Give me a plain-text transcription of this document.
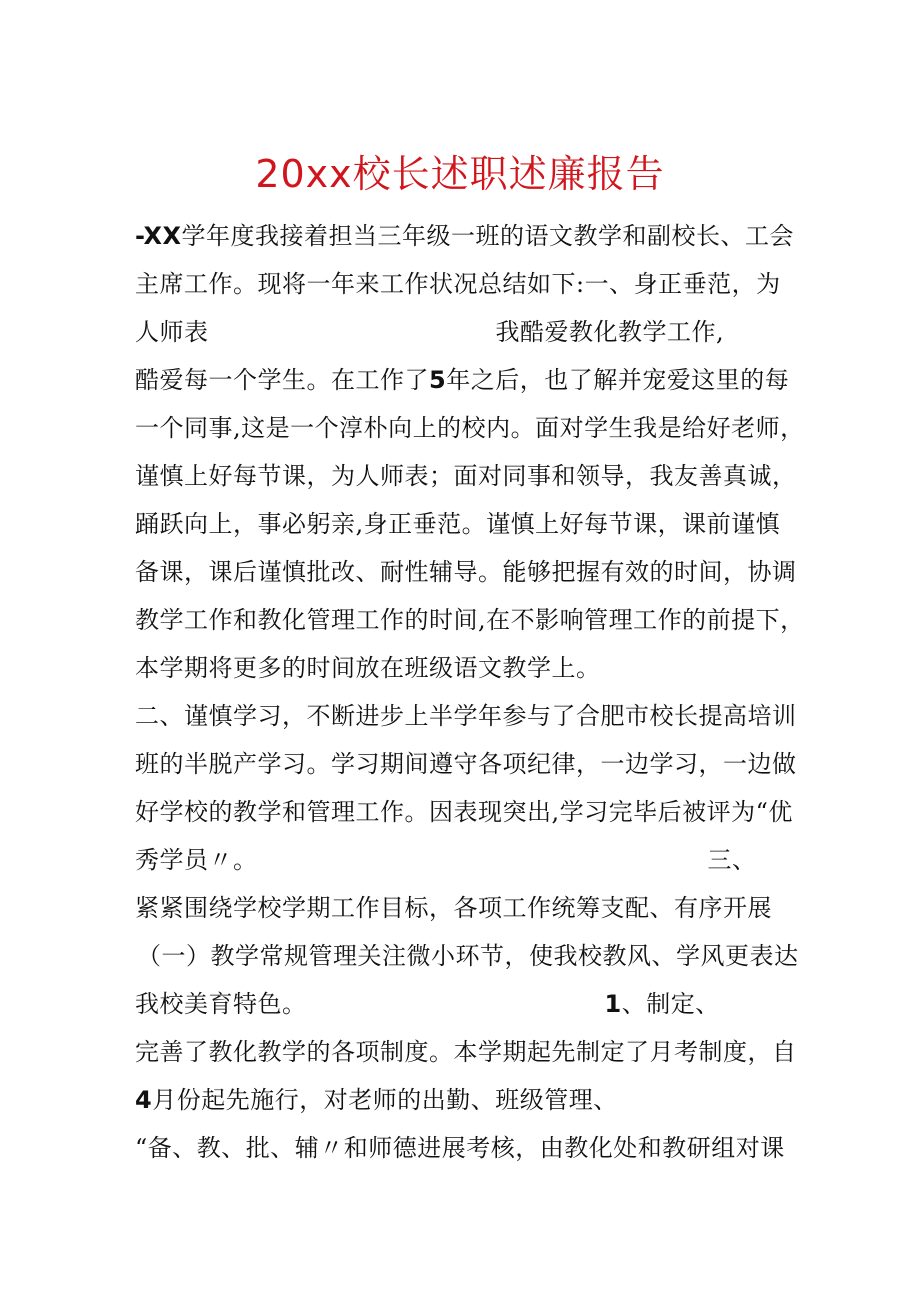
20xx校长述职述廉报告
-XX学年度我接着担当三年级一班的语文教学和副校长、工会
主席工作。现将一年来工作状况总结如下:一、身正垂范，为
人师表	我酷爱教化教学工作,
酷爱每一个学生。在工作了5年之后，也了解并宠爱这里的每
一个同事,这是一个淳朴向上的校内。面对学生我是给好老师，
谨慎上好每节课，为人师表；面对同事和领导，我友善真诚，
踊跃向上，事必躬亲,身正垂范。谨慎上好每节课，课前谨慎
备课，课后谨慎批改、耐性辅导。能够把握有效的时间，协调
教学工作和教化管理工作的时间,在不影响管理工作的前提下，
本学期将更多的时间放在班级语文教学上。
二、谨慎学习，不断进步上半学年参与了合肥市校长提高培训
班的半脱产学习。学习期间遵守各项纪律，一边学习，一边做
好学校的教学和管理工作。因表现突出,学习完毕后被评为“优
秀学员〃。	三、
紧紧围绕学校学期工作目标，各项工作统筹支配、有序开展
（一）教学常规管理关注微小环节，使我校教风、学风更表达
我校美育特色。	1、制定、
完善了教化教学的各项制度。本学期起先制定了月考制度，自
4月份起先施行，对老师的出勤、班级管理、
“备、教、批、辅〃和师德进展考核，由教化处和教研组对课
